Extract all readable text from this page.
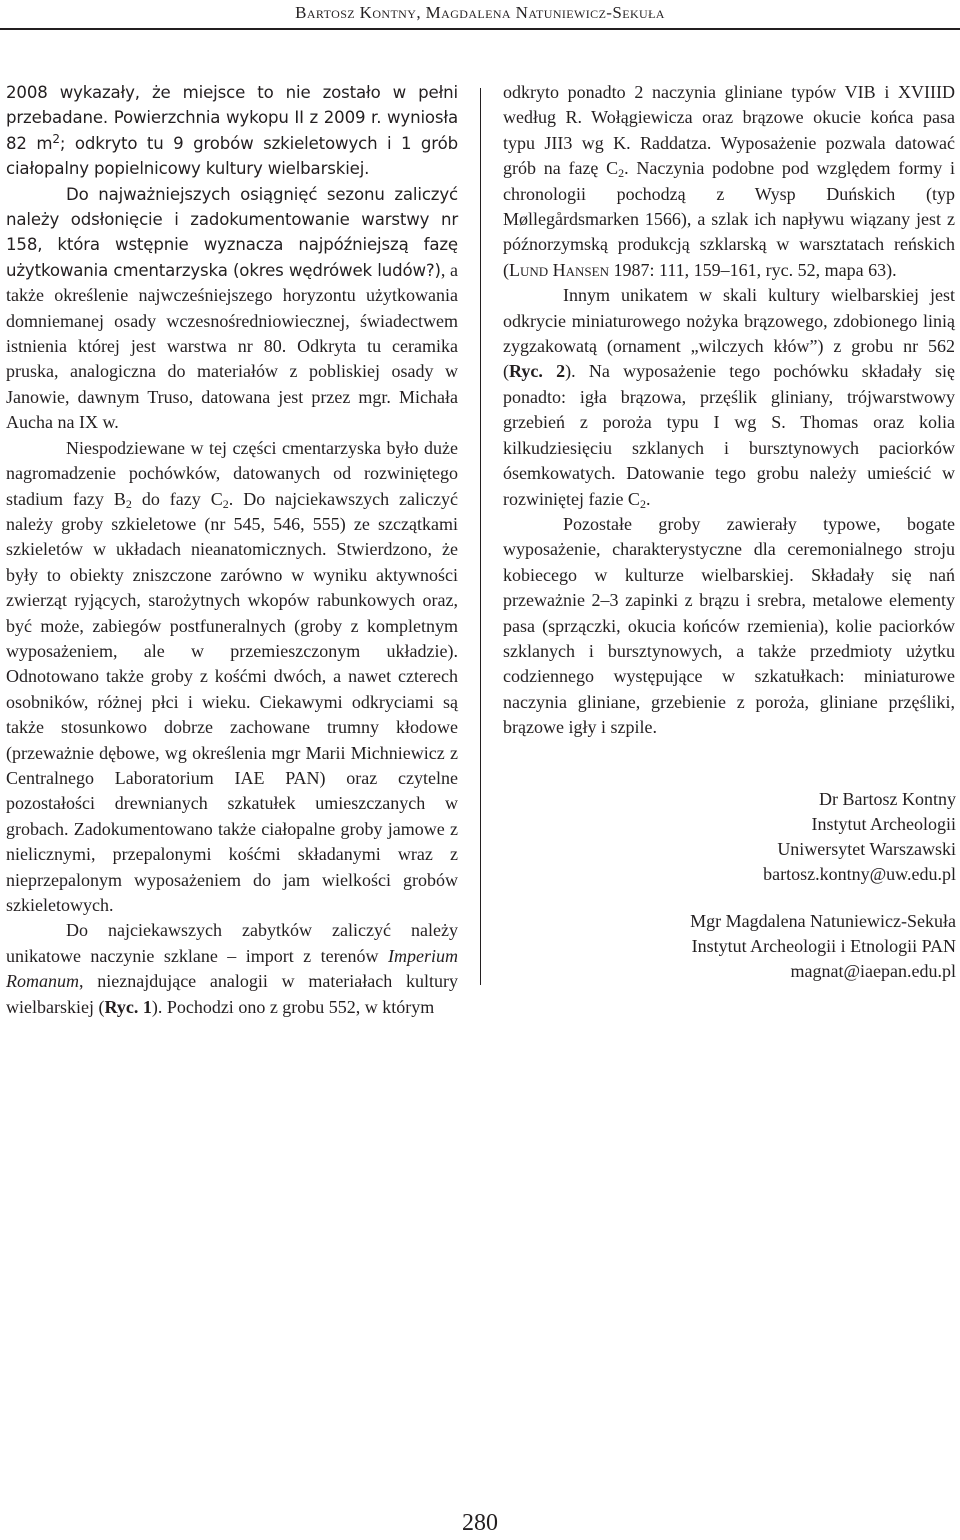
Bartosz Kontny, Magdalena Natuniewicz-Sekuła

2008 wykazały, że miejsce to nie zostało w pełni przebadane. Powierzchnia wykopu II z 2009 r. wyniosła 82 $m^2$; odkryto tu 9 grobów szkieletowych i 1 grób ciałopalny popielnicowy kultury wielbarskiej.

Do najważniejszych osiągnięć sezonu zaliczyć należy odsłonięcie i zadokumentowanie warstwy nr 158, która wstępnie wyznacza najpóźniejszą fazę użytkowania cmentarzyska (okres wędrówek ludów?), a także określenie najwcześniejszego horyzontu użytkowania domniemanej osady wczesnośredniowiecznej, świadectwem istnienia której jest warstwa nr 80. Odkryta tu ceramika pruska, analogiczna do materiałów z pobliskiej osady w Janowie, dawnym Truso, datowana jest przez mgr. Michała Aucha na IX w.

Niespodziewane w tej części cmentarzyska było duże nagromadzenie pochówków, datowanych od rozwiniętego stadium fazy $B_2$ do fazy $C_2$. Do najciekawszych zaliczyć należy groby szkieletowe (nr 545, 546, 555) ze szczątkami szkieletów w układach nieanatomicznych. Stwierdzono, że były to obiekty zniszczone zarówno w wyniku aktywności zwierząt ryjących, starożytnych wkopów rabunkowych oraz, być może, zabiegów postfuneralnych (groby z kompletnym wyposażeniem, ale w przemieszczonym układzie). Odnotowano także groby z kośćmi dwóch, a nawet czterech osobników, różnej płci i wieku. Ciekawymi odkryciami są także stosunkowo dobrze zachowane trumny kłodowe (przeważnie dębowe, wg określenia mgr Marii Michniewicz z Centralnego Laboratorium IAE PAN) oraz czytelne pozostałości drewnianych szkatułek umieszczanych w grobach. Zadokumentowano także ciałopalne groby jamowe z nielicznymi, przepalonymi kośćmi składanymi wraz z nieprzepalonym wyposażeniem do jam wielkości grobów szkieletowych.

Do najciekawszych zabytków zaliczyć należy unikatowe naczynie szklane – import z terenów Imperium Romanum, nieznajdujące analogii w materiałach kultury wielbarskiej (Ryc. 1). Pochodzi ono z grobu 552, w którym

odkryto ponadto 2 naczynia gliniane typów VIB i XVIIID według R. Wołągiewicza oraz brązowe okucie końca pasa typu JII3 wg K. Raddatza. Wyposażenie pozwala datować grób na fazę $C_2$. Naczynia podobne pod względem formy i chronologii pochodzą z Wysp Duńskich (typ Møllegårdsmarken 1566), a szlak ich napływu wiązany jest z późnorzymską produkcją szklarską w warsztatach reńskich (Lund Hansen 1987: 111, 159–161, ryc. 52, mapa 63).

Innym unikatem w skali kultury wielbarskiej jest odkrycie miniaturowego nożyka brązowego, zdobionego linią zygzakowatą (ornament „wilczych kłów”) z grobu nr 562 (Ryc. 2). Na wyposażenie tego pochówku składały się ponadto: igła brązowa, przęślik gliniany, trójwarstwowy grzebień z poroża typu I wg S. Thomas oraz kolia kilkudziesięciu szklanych i bursztynowych paciorków ósemkowatych. Datowanie tego grobu należy umieścić w rozwiniętej fazie $C_2$.

Pozostałe groby zawierały typowe, bogate wyposażenie, charakterystyczne dla ceremonialnego stroju kobiecego w kulturze wielbarskiej. Składały się nań przeważnie 2–3 zapinki z brązu i srebra, metalowe elementy pasa (sprzączki, okucia końców rzemienia), kolie paciorków szklanych i bursztynowych, a także przedmioty użytku codziennego występujące w szkatułkach: miniaturowe naczynia gliniane, grzebienie z poroża, gliniane przęśliki, brązowe igły i szpile.

Dr Bartosz Kontny
Instytut Archeologii
Uniwersytet Warszawski
bartosz.kontny@uw.edu.pl
Mgr Magdalena Natuniewicz-Sekuła
Instytut Archeologii i Etnologii PAN
magnat@iaepan.edu.pl
280
